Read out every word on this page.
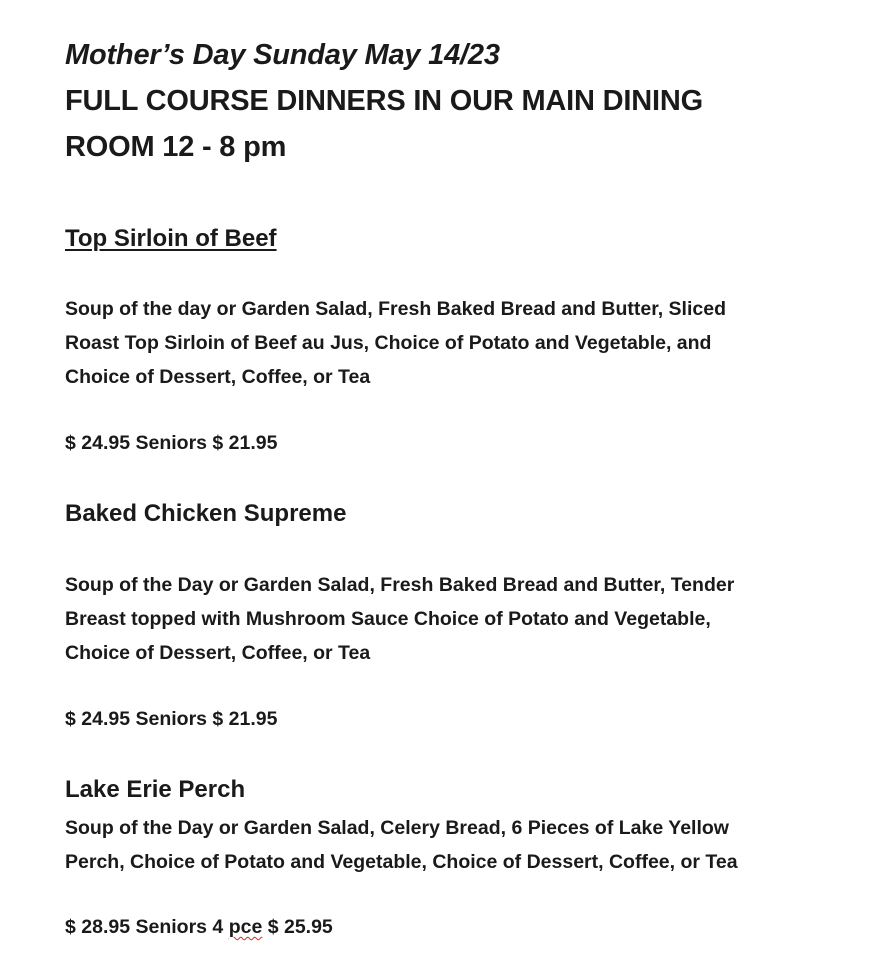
Mother’s Day Sunday May 14/23
FULL COURSE DINNERS IN OUR MAIN DINING
ROOM 12 - 8 pm
Top Sirloin of Beef
Soup of the day or Garden Salad, Fresh Baked Bread and Butter, Sliced
Roast Top Sirloin of Beef au Jus, Choice of Potato and Vegetable, and
Choice of Dessert, Coffee, or Tea
$ 24.95 Seniors $ 21.95
Baked Chicken Supreme
Soup of the Day or Garden Salad, Fresh Baked Bread and Butter, Tender
Breast topped with Mushroom Sauce Choice of Potato and Vegetable,
Choice of Dessert, Coffee, or Tea
$ 24.95 Seniors $ 21.95
Lake Erie Perch
Soup of the Day or Garden Salad, Celery Bread, 6 Pieces of Lake Yellow
Perch, Choice of Potato and Vegetable, Choice of Dessert, Coffee, or Tea
$ 28.95 Seniors 4 pce $ 25.95
